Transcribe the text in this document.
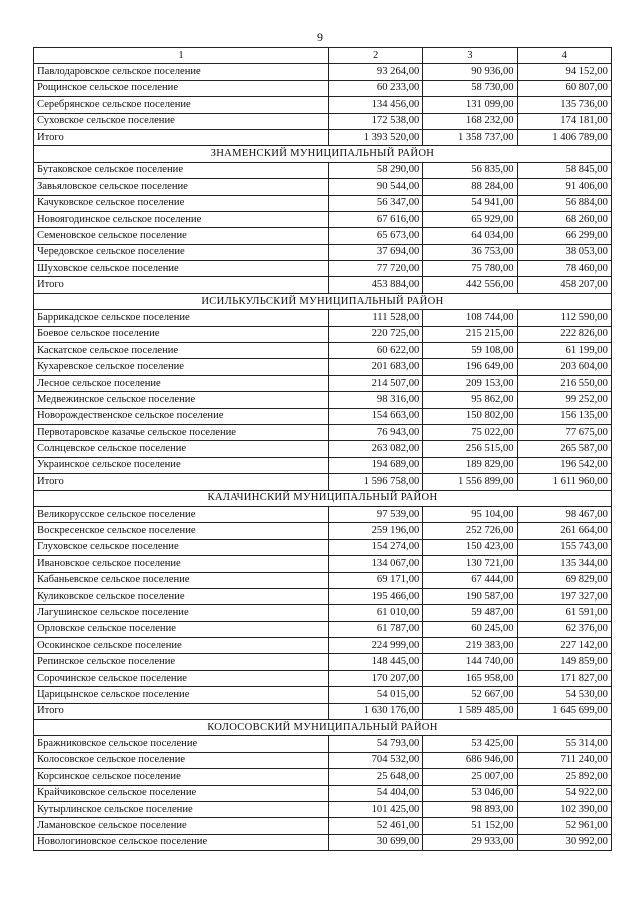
9
1	2	3	4
Павлодаровское сельское поселение	93 264,00	90 936,00	94 152,00
Рощинское сельское поселение	60 233,00	58 730,00	60 807,00
Серебрянское сельское поселение	134 456,00	131 099,00	135 736,00
Суховское сельское поселение	172 538,00	168 232,00	174 181,00
Итого	1 393 520,00	1 358 737,00	1 406 789,00
ЗНАМЕНСКИЙ МУНИЦИПАЛЬНЫЙ РАЙОН			
Бутаковское сельское поселение	58 290,00	56 835,00	58 845,00
Завьяловское сельское поселение	90 544,00	88 284,00	91 406,00
Качуковское сельское поселение	56 347,00	54 941,00	56 884,00
Новоягодинское сельское поселение	67 616,00	65 929,00	68 260,00
Семеновское сельское поселение	65 673,00	64 034,00	66 299,00
Чередовское сельское поселение	37 694,00	36 753,00	38 053,00
Шуховское сельское поселение	77 720,00	75 780,00	78 460,00
Итого	453 884,00	442 556,00	458 207,00
ИСИЛЬКУЛЬСКИЙ МУНИЦИПАЛЬНЫЙ РАЙОН			
Баррикадское сельское поселение	111 528,00	108 744,00	112 590,00
Боевое сельское поселение	220 725,00	215 215,00	222 826,00
Каскатское сельское поселение	60 622,00	59 108,00	61 199,00
Кухаревское сельское поселение	201 683,00	196 649,00	203 604,00
Лесное сельское поселение	214 507,00	209 153,00	216 550,00
Медвежинское сельское поселение	98 316,00	95 862,00	99 252,00
Новорождественское сельское поселение	154 663,00	150 802,00	156 135,00
Первотаровское казачье сельское поселение	76 943,00	75 022,00	77 675,00
Солнцевское сельское поселение	263 082,00	256 515,00	265 587,00
Украинское сельское поселение	194 689,00	189 829,00	196 542,00
Итого	1 596 758,00	1 556 899,00	1 611 960,00
КАЛАЧИНСКИЙ МУНИЦИПАЛЬНЫЙ РАЙОН			
Великорусское сельское поселение	97 539,00	95 104,00	98 467,00
Воскресенское сельское поселение	259 196,00	252 726,00	261 664,00
Глуховское сельское поселение	154 274,00	150 423,00	155 743,00
Ивановское сельское поселение	134 067,00	130 721,00	135 344,00
Кабаньевское сельское поселение	69 171,00	67 444,00	69 829,00
Куликовское сельское поселение	195 466,00	190 587,00	197 327,00
Лагушинское сельское поселение	61 010,00	59 487,00	61 591,00
Орловское сельское поселение	61 787,00	60 245,00	62 376,00
Осокинское сельское поселение	224 999,00	219 383,00	227 142,00
Репинское сельское поселение	148 445,00	144 740,00	149 859,00
Сорочинское сельское поселение	170 207,00	165 958,00	171 827,00
Царицынское сельское поселение	54 015,00	52 667,00	54 530,00
Итого	1 630 176,00	1 589 485,00	1 645 699,00
КОЛОСОВСКИЙ МУНИЦИПАЛЬНЫЙ РАЙОН			
Бражниковское сельское поселение	54 793,00	53 425,00	55 314,00
Колосовское сельское поселение	704 532,00	686 946,00	711 240,00
Корсинское сельское поселение	25 648,00	25 007,00	25 892,00
Крайчиковское сельское поселение	54 404,00	53 046,00	54 922,00
Кутырлинское сельское поселение	101 425,00	98 893,00	102 390,00
Ламановское сельское поселение	52 461,00	51 152,00	52 961,00
Новологиновское сельское поселение	30 699,00	29 933,00	30 992,00
